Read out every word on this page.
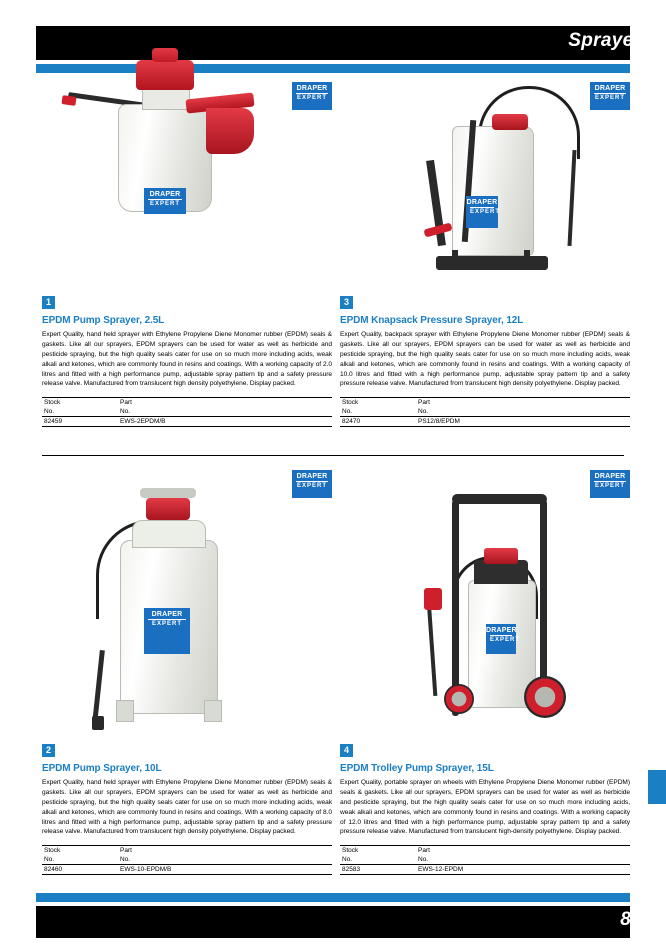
Sprayers
DRAPER
EXPERT
1
EPDM Pump Sprayer, 2.5L
Expert Quality, hand held sprayer with Ethylene Propylene Diene Monomer rubber (EPDM) seals & gaskets. Like all our sprayers, EPDM sprayers can be used for water as well as herbicide and pesticide spraying, but the high quality seals cater for use on so much more including acids, weak alkali and ketones, which are commonly found in resins and coatings. With a working capacity of 2.0 litres and fitted with a high performance pump, adjustable spray pattern tip and a safety pressure release valve. Manufactured from translucent high density polyethylene. Display packed.
Stock	Part
No.	No.
82459	EWS-2EPDM/B
DRAPER
EXPERT
2
EPDM Pump Sprayer, 10L
Expert Quality, hand held sprayer with Ethylene Propylene Diene Monomer rubber (EPDM) seals & gaskets. Like all our sprayers, EPDM sprayers can be used for water as well as herbicide and pesticide spraying, but the high quality seals cater for use on so much more including acids, weak alkali and ketones, which are commonly found in resins and coatings. With a working capacity of 8.0 litres and fitted with a high performance pump, adjustable spray pattern tip and a safety pressure release valve. Manufactured from translucent high density polyethylene. Display packed.
Stock	Part
No.	No.
82460	EWS-10-EPDM/B
DRAPER
EXPERT
3
EPDM Knapsack Pressure Sprayer, 12L
Expert Quality, backpack sprayer with Ethylene Propylene Diene Monomer rubber (EPDM) seals & gaskets. Like all our sprayers, EPDM sprayers can be used for water as well as herbicide and pesticide spraying, but the high quality seals cater for use on so much more including acids, weak alkali and ketones, which are commonly found in resins and coatings. With a working capacity of 10.0 litres and fitted with a high performance pump, adjustable spray pattern tip and a safety pressure release valve. Manufactured from translucent high density polyethylene. Display packed.
Stock	Part
No.	No.
82470	PS12/8/EPDM
DRAPER
EXPERT
4
EPDM Trolley Pump Sprayer, 15L
Expert Quality, portable sprayer on wheels with Ethylene Propylene Diene Monomer rubber (EPDM) seals & gaskets. Like all our sprayers, EPDM sprayers can be used for water as well as herbicide and pesticide spraying, but the high quality seals cater for use on so much more including acids, weak alkali and ketones, which are commonly found in resins and coatings. With a working capacity of 12.0 litres and fitted with a high performance pump, adjustable spray pattern tip and a safety pressure release valve. Manufactured from translucent high-density polyethylene. Display packed.
Stock	Part
No.	No.
82583	EWS-12-EPDM
DRAPER
EXPERT
DRAPER
EXPERT
DRAPER
EXPERT
DRAPER
EXPERT
821
